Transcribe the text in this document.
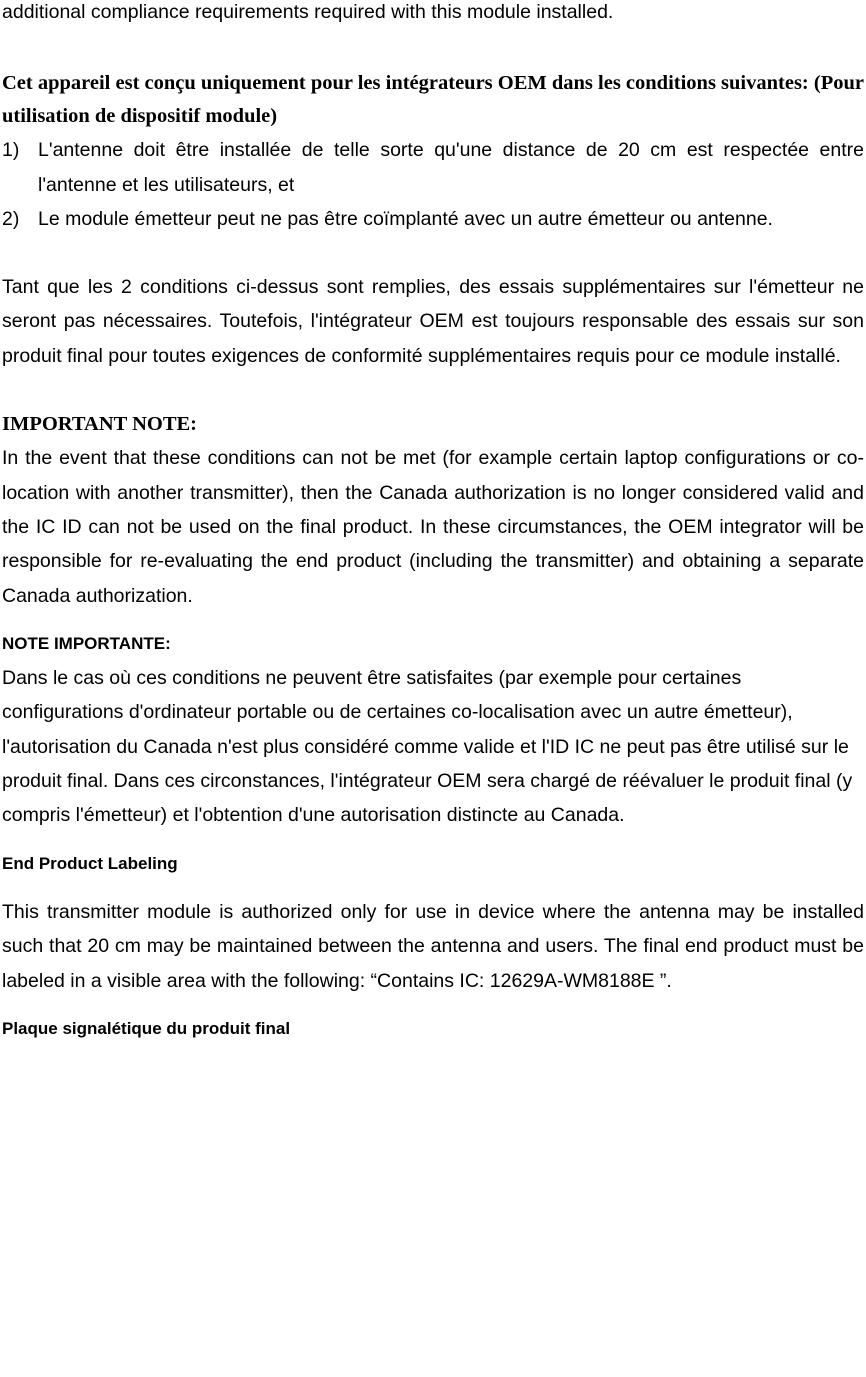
additional compliance requirements required with this module installed.

Cet appareil est conçu uniquement pour les intégrateurs OEM dans les conditions suivantes: (Pour utilisation de dispositif module)

1) L'antenne doit être installée de telle sorte qu'une distance de 20 cm est respectée entre l'antenne et les utilisateurs, et
2) Le module émetteur peut ne pas être coïmplanté avec un autre émetteur ou antenne.

Tant que les 2 conditions ci-dessus sont remplies, des essais supplémentaires sur l'émetteur ne seront pas nécessaires. Toutefois, l'intégrateur OEM est toujours responsable des essais sur son produit final pour toutes exigences de conformité supplémentaires requis pour ce module installé.

IMPORTANT NOTE:

In the event that these conditions can not be met (for example certain laptop configurations or co-location with another transmitter), then the Canada authorization is no longer considered valid and the IC ID can not be used on the final product. In these circumstances, the OEM integrator will be responsible for re-evaluating the end product (including the transmitter) and obtaining a separate Canada authorization.

NOTE IMPORTANTE:

Dans le cas où ces conditions ne peuvent être satisfaites (par exemple pour certaines configurations d'ordinateur portable ou de certaines co-localisation avec un autre émetteur), l'autorisation du Canada n'est plus considéré comme valide et l'ID IC ne peut pas être utilisé sur le produit final. Dans ces circonstances, l'intégrateur OEM sera chargé de réévaluer le produit final (y compris l'émetteur) et l'obtention d'une autorisation distincte au Canada.

End Product Labeling

This transmitter module is authorized only for use in device where the antenna may be installed such that 20 cm may be maintained between the antenna and users. The final end product must be labeled in a visible area with the following: “Contains IC: 12629A-WM8188E ”.

Plaque signalétique du produit final
